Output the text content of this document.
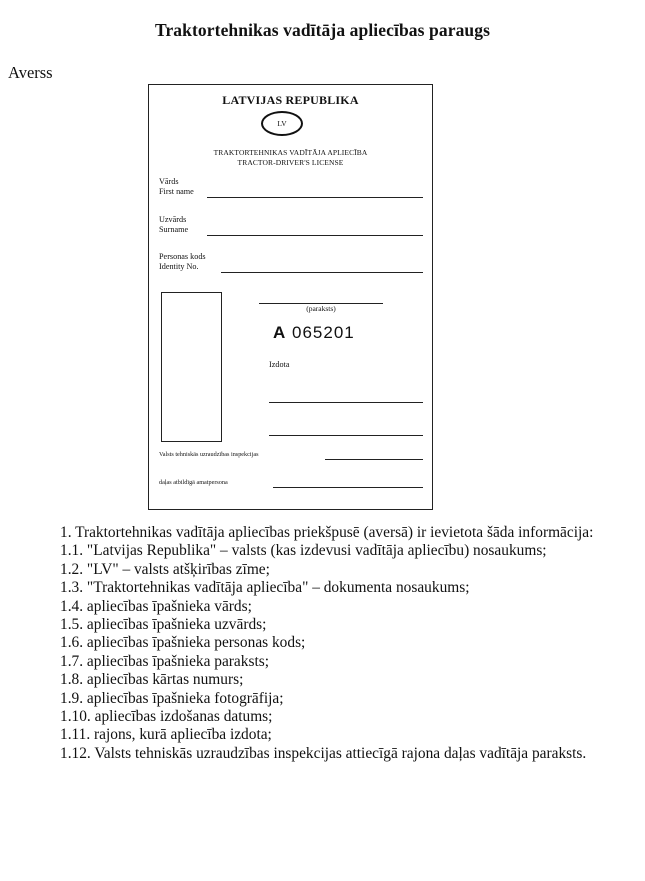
Traktortehnikas vadītāja apliecības paraugs
Averss
LATVIJAS REPUBLIKA
LV
TRAKTORTEHNIKAS VADĪTĀJA APLIECĪBA
TRACTOR-DRIVER'S LICENSE
Vārds
First name
Uzvārds
Surname
Personas kods
Identity No.
(paraksts)
A 065201
Izdota
Valsts tehniskās uzraudzības inspekcijas
daļas atbildīgā amatpersona

1. Traktortehnikas vadītāja apliecības priekšpusē (aversā) ir ievietota šāda informācija:

1.1. "Latvijas Republika" – valsts (kas izdevusi vadītāja apliecību) nosaukums;

1.2. "LV" – valsts atšķirības zīme;

1.3. "Traktortehnikas vadītāja apliecība" – dokumenta nosaukums;

1.4. apliecības īpašnieka vārds;

1.5. apliecības īpašnieka uzvārds;

1.6. apliecības īpašnieka personas kods;

1.7. apliecības īpašnieka paraksts;

1.8. apliecības kārtas numurs;

1.9. apliecības īpašnieka fotogrāfija;

1.10. apliecības izdošanas datums;

1.11. rajons, kurā apliecība izdota;

1.12. Valsts tehniskās uzraudzības inspekcijas attiecīgā rajona daļas vadītāja paraksts.
